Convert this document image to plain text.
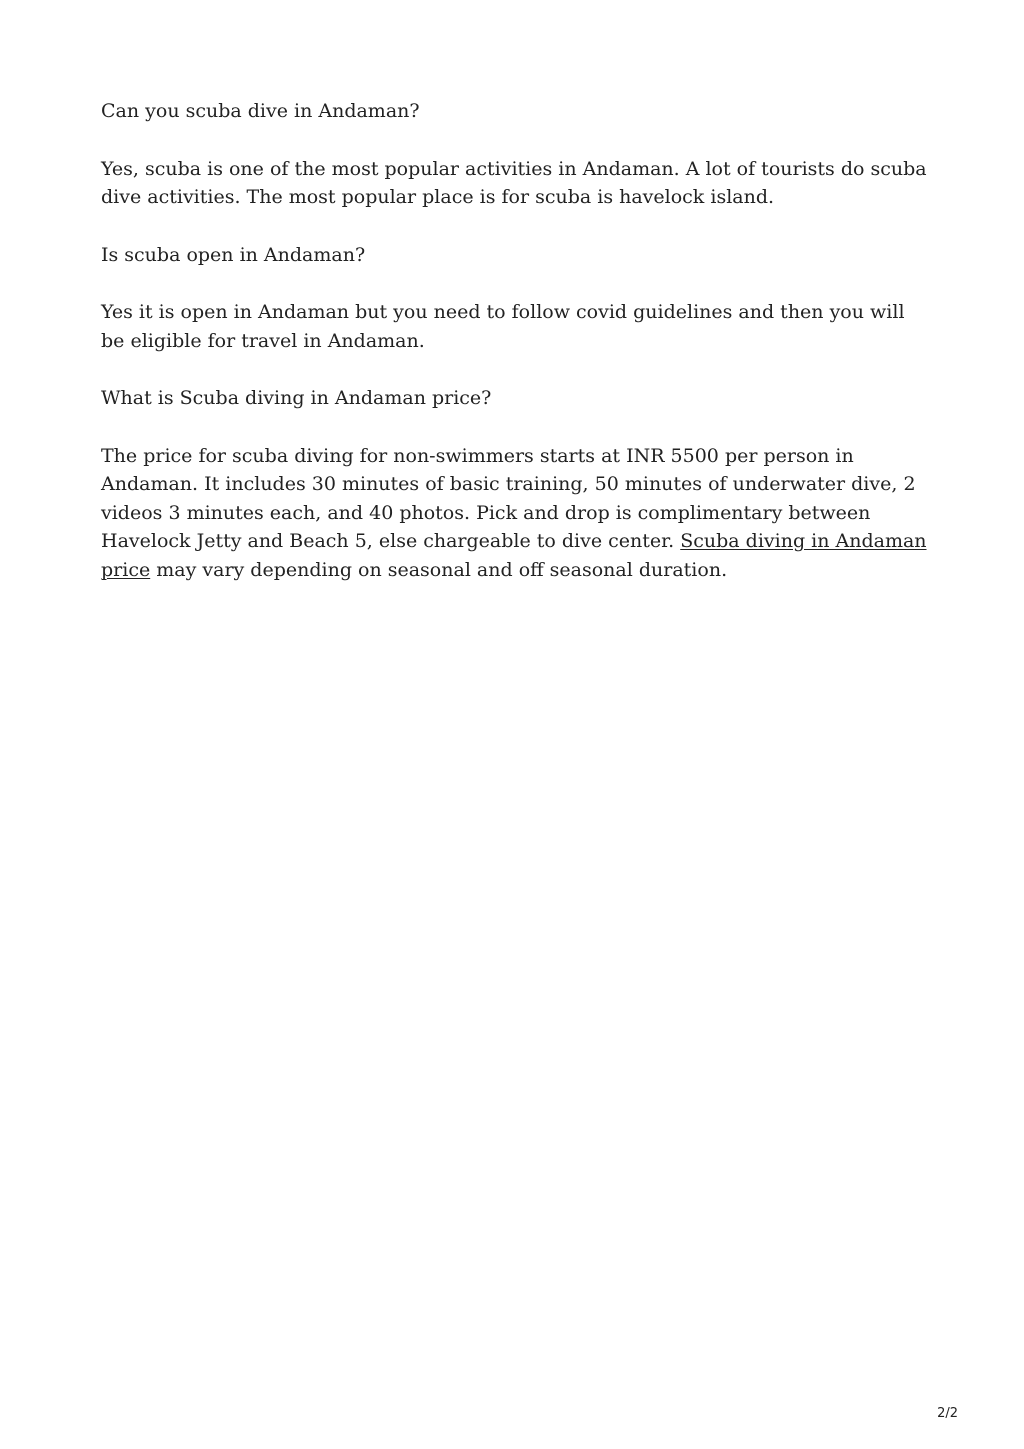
Can you scuba dive in Andaman?

Yes, scuba is one of the most popular activities in Andaman. A lot of tourists do scuba dive activities. The most popular place is for scuba is havelock island.

Is scuba open in Andaman?

Yes it is open in Andaman but you need to follow covid guidelines and then you will be eligible for travel in Andaman.

What is Scuba diving in Andaman price?

The price for scuba diving for non-swimmers starts at INR 5500 per person in Andaman. It includes 30 minutes of basic training, 50 minutes of underwater dive, 2 videos 3 minutes each, and 40 photos. Pick and drop is complimentary between Havelock Jetty and Beach 5, else chargeable to dive center. Scuba diving in Andaman price may vary depending on seasonal and off seasonal duration.

2/2
